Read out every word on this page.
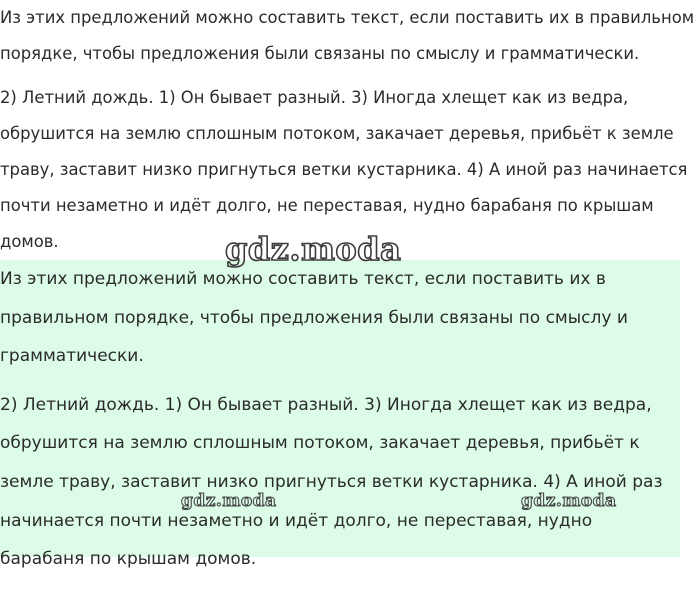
Из этих предложений можно составить текст, если поставить их в правильном

порядке, чтобы предложения были связаны по смыслу и грамматически.

2) Летний дождь. 1) Он бывает разный. 3) Иногда хлещет как из ведра,

обрушится на землю сплошным потоком, закачает деревья, прибьёт к земле

траву, заставит низко пригнуться ветки кустарника. 4) А иной раз начинается

почти незаметно и идёт долго, не переставая, нудно барабаня по крышам

домов.

Из этих предложений можно составить текст, если поставить их в

правильном порядке, чтобы предложения были связаны по смыслу и

грамматически.

2) Летний дождь. 1) Он бывает разный. 3) Иногда хлещет как из ведра,

обрушится на землю сплошным потоком, закачает деревья, прибьёт к

земле траву, заставит низко пригнуться ветки кустарника. 4) А иной раз

начинается почти незаметно и идёт долго, не переставая, нудно

барабаня по крышам домов.

gdz.moda
gdz.moda	gdz.moda
